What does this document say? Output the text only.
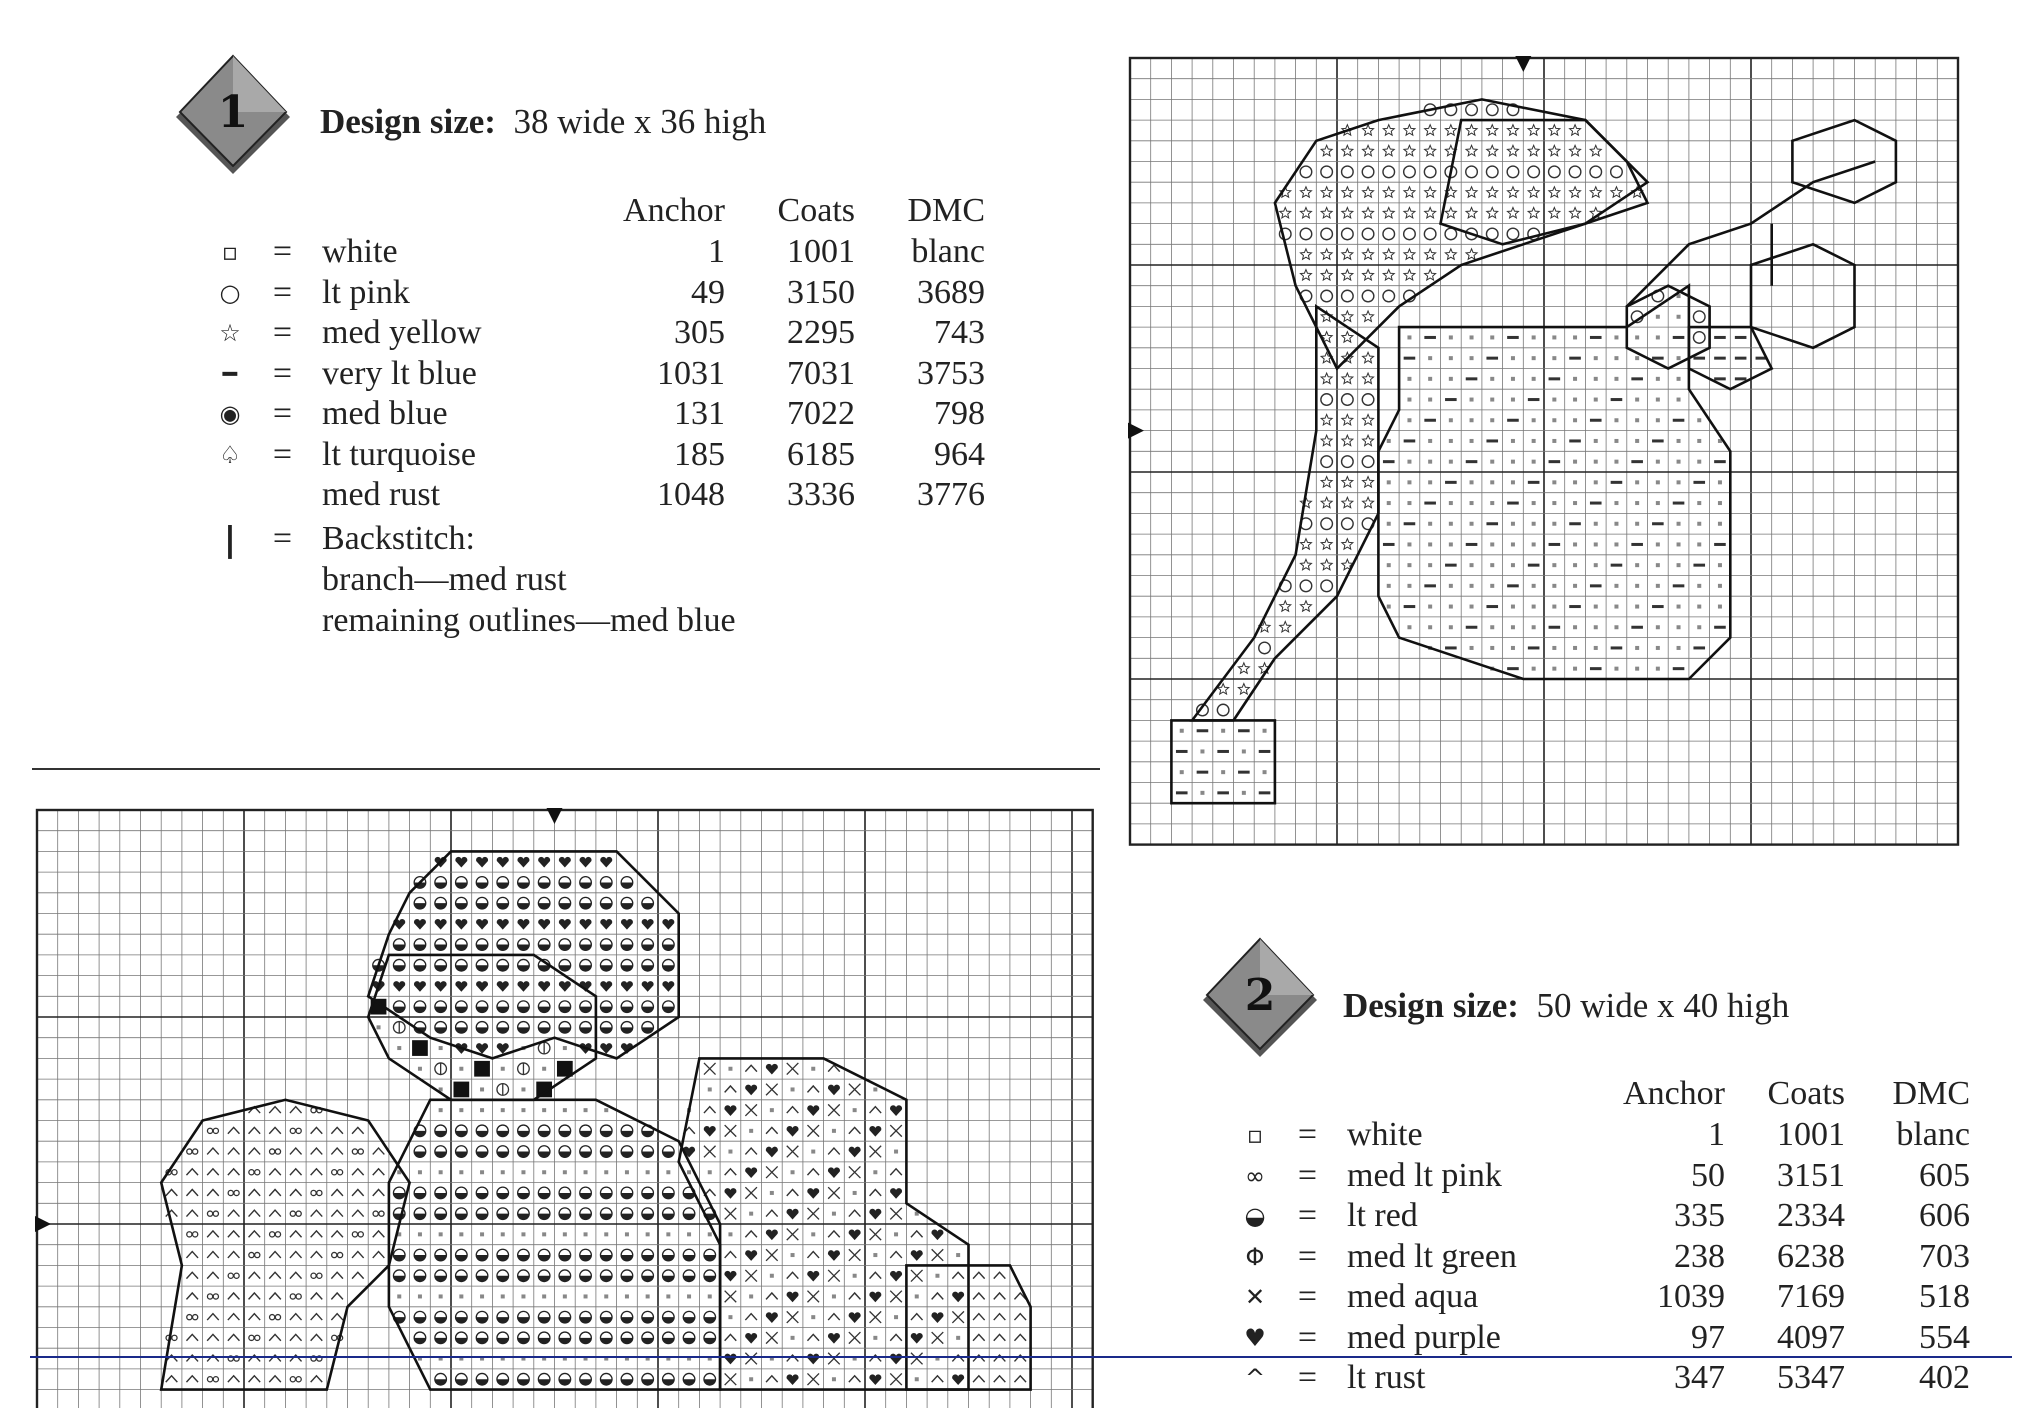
1 Design size: 38 wide x 36 high
			Anchor	Coats	DMC
▫	=	white	1	1001	blanc
○	=	lt pink	49	3150	3689
☆	=	med yellow	305	2295	743
━	=	very lt blue	1031	7031	3753
◉	=	med blue	131	7022	798
♤	=	lt turquoise	185	6185	964
		med rust	1048	3336	3776
|	= Backstitch:
branch—med rust
remaining outlines—med blue
2 Design size: 50 wide x 40 high
			Anchor	Coats	DMC
▫	=	white	1	1001	blanc
∞	=	med lt pink	50	3151	605
◒	=	lt red	335	2334	606
Φ	=	med lt green	238	6238	703
✕	=	med aqua	1039	7169	518
♥	=	med purple	97	4097	554
^	=	lt rust	347	5347	402
